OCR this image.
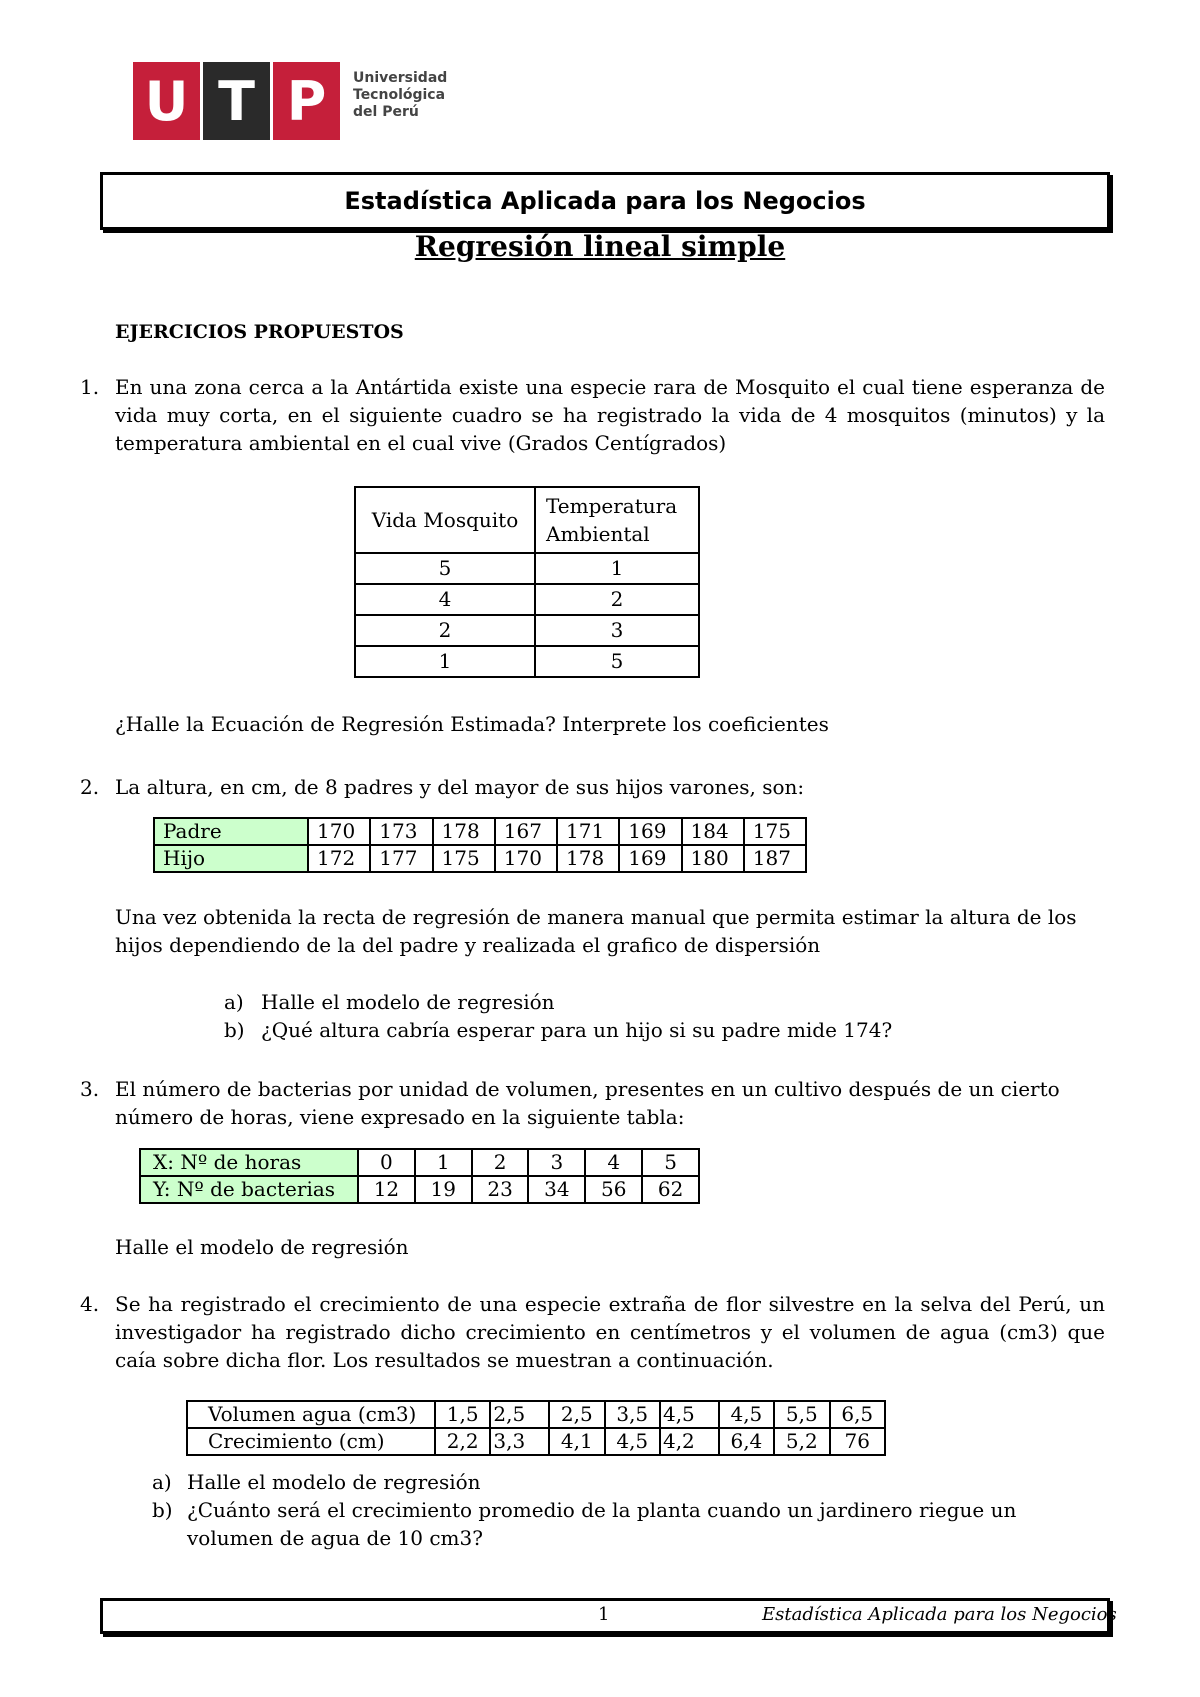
U T P	Universidad
Tecnológica
del Perú
Estadística Aplicada para los Negocios
Regresión lineal simple
EJERCICIOS PROPUESTOS
1. En una zona cerca a la Antártida existe una especie rara de Mosquito el cual tiene esperanza de vida muy corta, en el siguiente cuadro se ha registrado la vida de 4 mosquitos (minutos) y la temperatura ambiental en el cual vive (Grados Centígrados)
Vida Mosquito	Temperatura Ambiental
5	1
4	2
2	3
1	5
¿Halle la Ecuación de Regresión Estimada? Interprete los coeficientes
2. La altura, en cm, de 8 padres y del mayor de sus hijos varones, son:
Padre	170	173	178	167	171	169	184	175
Hijo	172	177	175	170	178	169	180	187
Una vez obtenida la recta de regresión de manera manual que permita estimar la altura de los hijos dependiendo de la del padre y realizada el grafico de dispersión
a) Halle el modelo de regresión
b) ¿Qué altura cabría esperar para un hijo si su padre mide 174?
3. El número de bacterias por unidad de volumen, presentes en un cultivo después de un cierto número de horas, viene expresado en la siguiente tabla:
X: Nº de horas	0	1	2	3	4	5
Y: Nº de bacterias	12	19	23	34	56	62
Halle el modelo de regresión
4. Se ha registrado el crecimiento de una especie extraña de flor silvestre en la selva del Perú, un investigador ha registrado dicho crecimiento en centímetros y el volumen de agua (cm3) que caía sobre dicha flor. Los resultados se muestran a continuación.
Volumen agua (cm3)	1,5	2,5	2,5	3,5	4,5	4,5	5,5	6,5
Crecimiento (cm)	2,2	3,3	4,1	4,5	4,2	6,4	5,2	76
a) Halle el modelo de regresión
b) ¿Cuánto será el crecimiento promedio de la planta cuando un jardinero riegue un volumen de agua de 10 cm3?
1	Estadística Aplicada para los Negocios
